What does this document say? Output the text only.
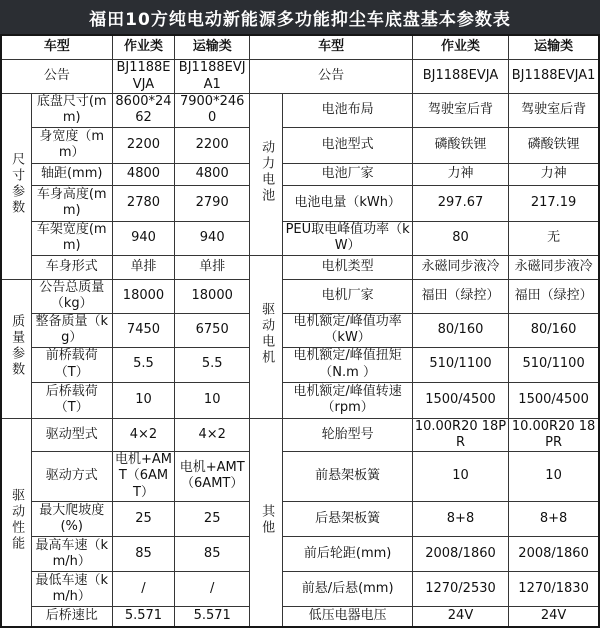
福田10方纯电动新能源多功能抑尘车底盘基本参数表
车型		作业类	运输类	车型		作业类	运输类
公告		BJ1188EVJA	BJ1188EVJA1	公告		BJ1188EVJA	BJ1188EVJA1
尺寸参数	底盘尺寸(mm)	8600*2462	7900*2460	动力电池	电池布局	驾驶室后背	驾驶室后背
	身宽度（mm）	2200	2200		电池型式	磷酸铁锂	磷酸铁锂
	轴距(mm)	4800	4800		电池厂家	力神	力神
	车身高度(mm)	2780	2790		电池电量（kWh）	297.67	217.19
	车架宽度(mm)	940	940		PEU取电峰值功率（kW）	80	无
	车身形式	单排	单排	驱动电机	电机类型	永磁同步液冷	永磁同步液冷
质量参数	公告总质量（kg）	18000	18000		电机厂家	福田（绿控）	福田（绿控）
	整备质量（kg）	7450	6750		电机额定/峰值功率（kW）	80/160	80/160
	前桥载荷（T）	5.5	5.5		电机额定/峰值扭矩（N.m ）	510/1100	510/1100
	后桥载荷（T）	10	10		电机额定/峰值转速（rpm）	1500/4500	1500/4500
驱动性能	驱动型式	4×2	4×2	其他	轮胎型号	10.00R20 18PR	10.00R20 18PR
	驱动方式	电机+AMT（6AMT）	电机+AMT（6AMT）		前悬架板簧	10	10
	最大爬坡度(%)	25	25		后悬架板簧	8+8	8+8
	最高车速（km/h）	85	85		前后轮距(mm)	2008/1860	2008/1860
	最低车速（km/h）	/	/		前悬/后悬(mm)	1270/2530	1270/1830
	后桥速比	5.571	5.571		低压电器电压	24V	24V
